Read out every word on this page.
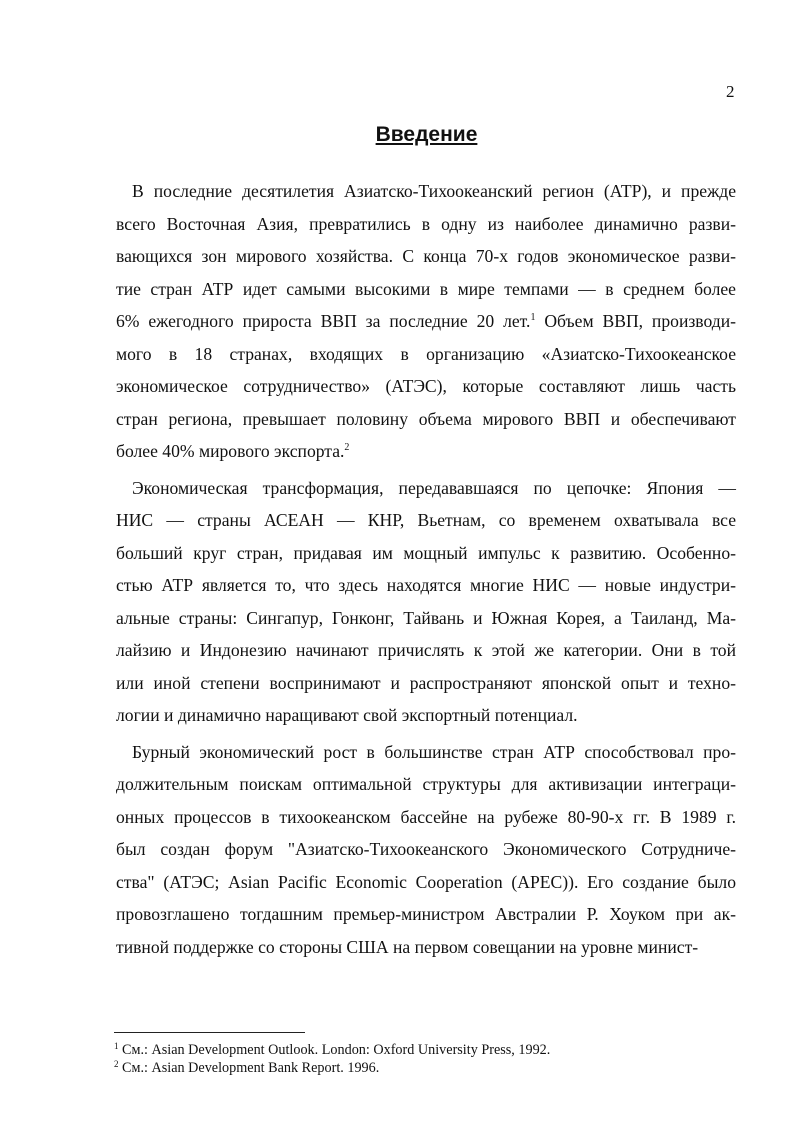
2
Введение
В последние десятилетия Азиатско-Тихоокеанский регион (АТР), и прежде
всего Восточная Азия, превратились в одну из наиболее динамично разви-
вающихся зон мирового хозяйства. С конца 70-х годов экономическое разви-
тие стран АТР идет самыми высокими в мире темпами — в среднем более
6% ежегодного прироста ВВП за последние 20 лет.$^1$ Объем ВВП, производи-
мого в 18 странах, входящих в организацию «Азиатско-Тихоокеанское
экономическое сотрудничество» (АТЭС), которые составляют лишь часть
стран региона, превышает половину объема мирового ВВП и обеспечивают
более 40% мирового экспорта.$^2$
Экономическая трансформация, передававшаяся по цепочке: Япония —
НИС — страны АСЕАН — КНР, Вьетнам, со временем охватывала все
больший круг стран, придавая им мощный импульс к развитию. Особенно-
стью АТР является то, что здесь находятся многие НИС — новые индустри-
альные страны: Сингапур, Гонконг, Тайвань и Южная Корея, а Таиланд, Ма-
лайзию и Индонезию начинают причислять к этой же категории. Они в той
или иной степени воспринимают и распространяют японской опыт и техно-
логии и динамично наращивают свой экспортный потенциал.
Бурный экономический рост в большинстве стран АТР способствовал про-
должительным поискам оптимальной структуры для активизации интеграци-
онных процессов в тихоокеанском бассейне на рубеже 80-90-х гг. В 1989 г.
был создан форум "Азиатско-Тихоокеанского Экономического Сотрудниче-
ства" (АТЭС; Asian Pacific Economic Cooperation (APEC)). Его создание было
провозглашено тогдашним премьер-министром Австралии Р. Хоуком при ак-
тивной поддержке со стороны США на первом совещании на уровне минист-
$^1$ См.: Asian Development Outlook. London: Oxford University Press, 1992.
$^2$ См.: Asian Development Bank Report. 1996.
